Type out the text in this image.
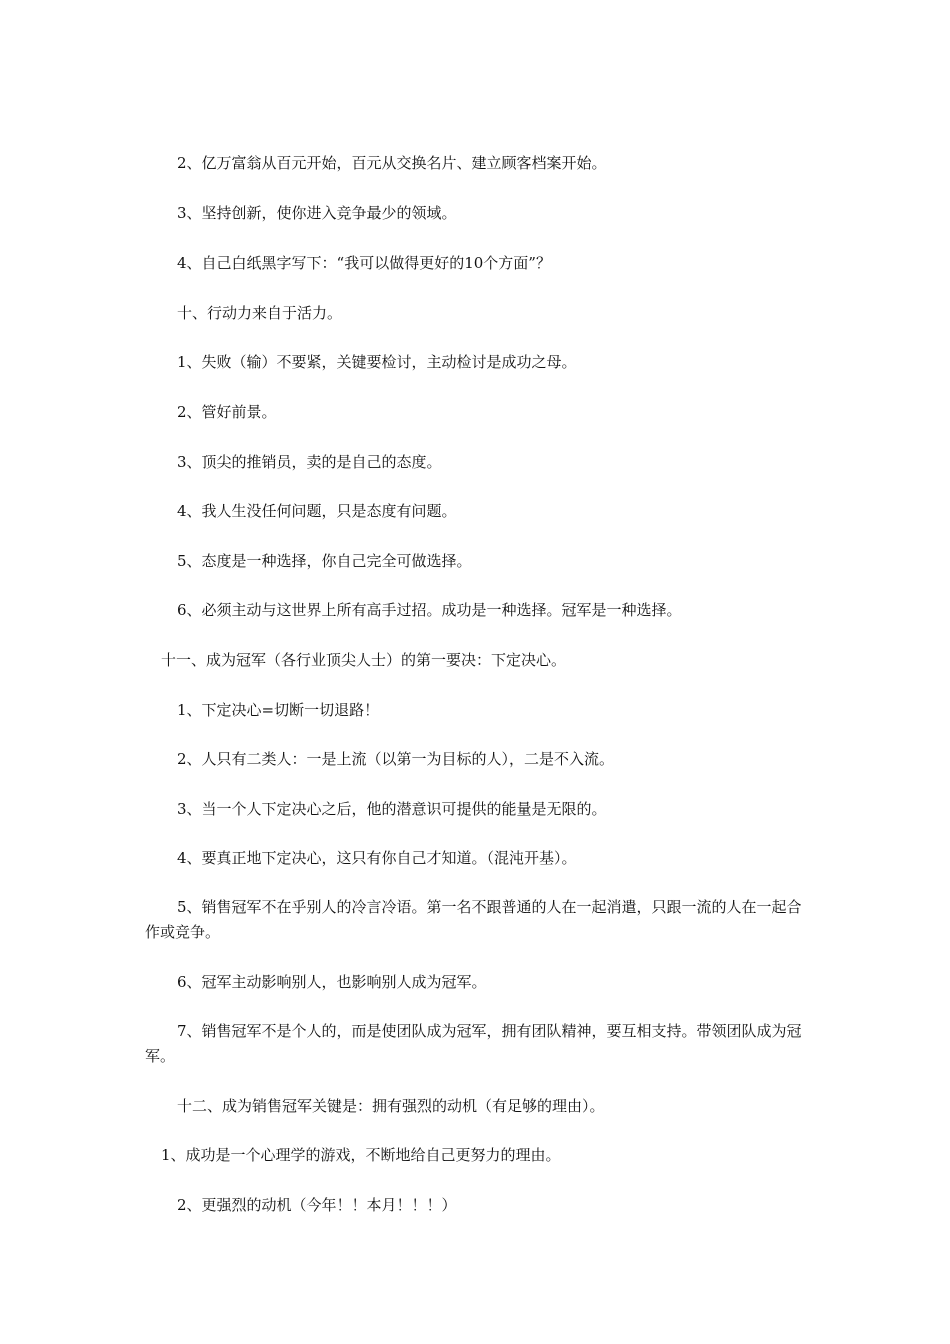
2、亿万富翁从百元开始，百元从交换名片、建立顾客档案开始。
3、坚持创新，使你进入竞争最少的领域。
4、自己白纸黑字写下：“我可以做得更好的10个方面”？
十、行动力来自于活力。
1、失败（输）不要紧，关键要检讨，主动检讨是成功之母。
2、管好前景。
3、顶尖的推销员，卖的是自己的态度。
4、我人生没任何问题，只是态度有问题。
5、态度是一种选择，你自己完全可做选择。
6、必须主动与这世界上所有高手过招。成功是一种选择。冠军是一种选择。
十一、成为冠军（各行业顶尖人士）的第一要决：下定决心。
1、下定决心=切断一切退路！
2、人只有二类人：一是上流（以第一为目标的人），二是不入流。
3、当一个人下定决心之后，他的潜意识可提供的能量是无限的。
4、要真正地下定决心，这只有你自己才知道。（混沌开基）。
5、销售冠军不在乎别人的冷言冷语。第一名不跟普通的人在一起消遣，只跟一流的人在一起合作或竞争。
6、冠军主动影响别人，也影响别人成为冠军。
7、销售冠军不是个人的，而是使团队成为冠军，拥有团队精神，要互相支持。带领团队成为冠军。
十二、成为销售冠军关键是：拥有强烈的动机（有足够的理由）。
1、成功是一个心理学的游戏，不断地给自己更努力的理由。
2、更强烈的动机（今年！！本月！！！）
